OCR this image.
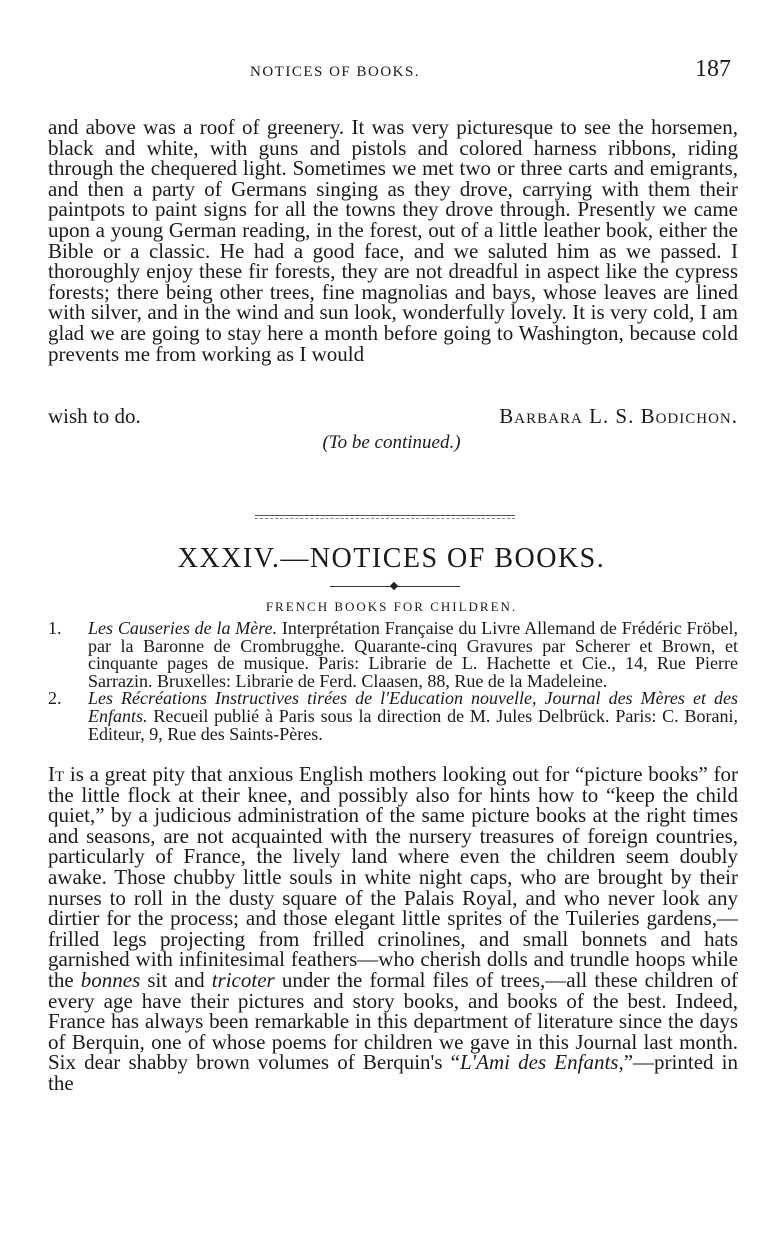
NOTICES OF BOOKS.	187
and above was a roof of greenery. It was very picturesque to see the horsemen, black and white, with guns and pistols and colored harness ribbons, riding through the chequered light. Sometimes we met two or three carts and emigrants, and then a party of Germans singing as they drove, carrying with them their paintpots to paint signs for all the towns they drove through. Presently we came upon a young German reading, in the forest, out of a little leather book, either the Bible or a classic. He had a good face, and we saluted him as we passed. I thoroughly enjoy these fir forests, they are not dreadful in aspect like the cypress forests; there being other trees, fine magnolias and bays, whose leaves are lined with silver, and in the wind and sun look, wonderfully lovely. It is very cold, I am glad we are going to stay here a month before going to Washington, because cold prevents me from working as I would
wish to do.	Barbara L. S. Bodichon.
(To be continued.)
XXXIV.—NOTICES OF BOOKS.
FRENCH BOOKS FOR CHILDREN.
1. Les Causeries de la Mère. Interprétation Française du Livre Allemand de Frédéric Fröbel, par la Baronne de Crombrugghe. Quarante-cinq Gravures par Scherer et Brown, et cinquante pages de musique. Paris: Librarie de L. Hachette et Cie., 14, Rue Pierre Sarrazin. Bruxelles: Librarie de Ferd. Claasen, 88, Rue de la Madeleine.
2. Les Récréations Instructives tirées de l'Education nouvelle, Journal des Mères et des Enfants. Recueil publié à Paris sous la direction de M. Jules Delbrück. Paris: C. Borani, Editeur, 9, Rue des Saints-Pères.

It is a great pity that anxious English mothers looking out for “picture books” for the little flock at their knee, and possibly also for hints how to “keep the child quiet,” by a judicious administration of the same picture books at the right times and seasons, are not acquainted with the nursery treasures of foreign countries, particularly of France, the lively land where even the children seem doubly awake. Those chubby little souls in white night caps, who are brought by their nurses to roll in the dusty square of the Palais Royal, and who never look any dirtier for the process; and those elegant little sprites of the Tuileries gardens,—frilled legs projecting from frilled crinolines, and small bonnets and hats garnished with infinitesimal feathers—who cherish dolls and trundle hoops while the bonnes sit and tricoter under the formal files of trees,—all these children of every age have their pictures and story books, and books of the best. Indeed, France has always been remarkable in this department of literature since the days of Berquin, one of whose poems for children we gave in this Journal last month. Six dear shabby brown volumes of Berquin's “L'Ami des Enfants,”—printed in the
